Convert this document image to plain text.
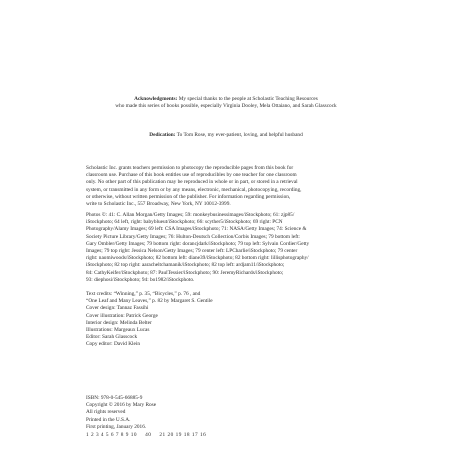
Acknowledgments: My special thanks to the people at Scholastic Teaching Resources
who made this series of books possible, especially Virginia Dooley, Mela Ottaiano, and Sarah Glasscock
Dedication: To Tom Rose, my ever-patient, loving, and helpful husband
Scholastic Inc. grants teachers permission to photocopy the reproducible pages from this book for
classroom use. Purchase of this book entitles use of reproducibles by one teacher for one classroom
only. No other part of this publication may be reproduced in whole or in part, or stored in a retrieval
system, or transmitted in any form or by any means, electronic, mechanical, photocopying, recording,
or otherwise, without written permission of the publisher. For information regarding permission,
write to Scholastic Inc., 557 Broadway, New York, NY 10012-3999.
Photos ©: 41: C. Allan Morgan/Getty Images; 59: monkeybusinessimages/iStockphoto; 61: zjp85/
iStockphoto; 64 left, right: babyblueut/iStockphoto; 66: scyther5/iStockphoto; 69 right: PCN
Photography/Alamy Images; 69 left: CSA Images/iStockphoto; 71: NASA/Getty Images; 74: Science &
Society Picture Library/Getty Images; 76: Hulton-Deutsch Collection/Corbis Images; 79 bottom left:
Gary Ombler/Getty Images; 79 bottom right: dorancjdark/iStockphoto; 79 top left: Sylvain Cordier/Getty
Images; 79 top right: Jessica Nelson/Getty Images; 79 center left: LPCharlie/iStockphoto; 79 center
right: naomiwoods/iStockphoto; 82 bottom left: diane39/iStockphoto; 82 bottom right: lillisphotography/
iStockphoto; 82 top right: aaracheltchamanik/iStockphoto; 82 top left: ardjam11/iStockphoto;
84: CathyKeifer/iStockphoto; 87: PaulTessier/iStockphoto; 90: JeremyRichards/iStockphoto;
93: diephosi/iStockphoto; 94: bo1982/iStockphoto.
Text credits: “Winning,” p. 35, “Bicycles,” p. 76 , and
“One Leaf and Many Leaves,” p. 82 by Margaret S. Gentile
Cover design: Tannaz Fassihi
Cover illustration: Patrick George
Interior design: Melinda Belter
Illustrations: Margeaux Lucas
Editor: Sarah Glasscock
Copy editor: David Klein
ISBN: 978-0-545-66885-9
Copyright © 2016 by Mary Rose
All rights reserved
Printed in the U.S.A.
First printing, January 2016.
1 2 3 4 5 6 7 8 9 10 40 21 20 19 18 17 16
